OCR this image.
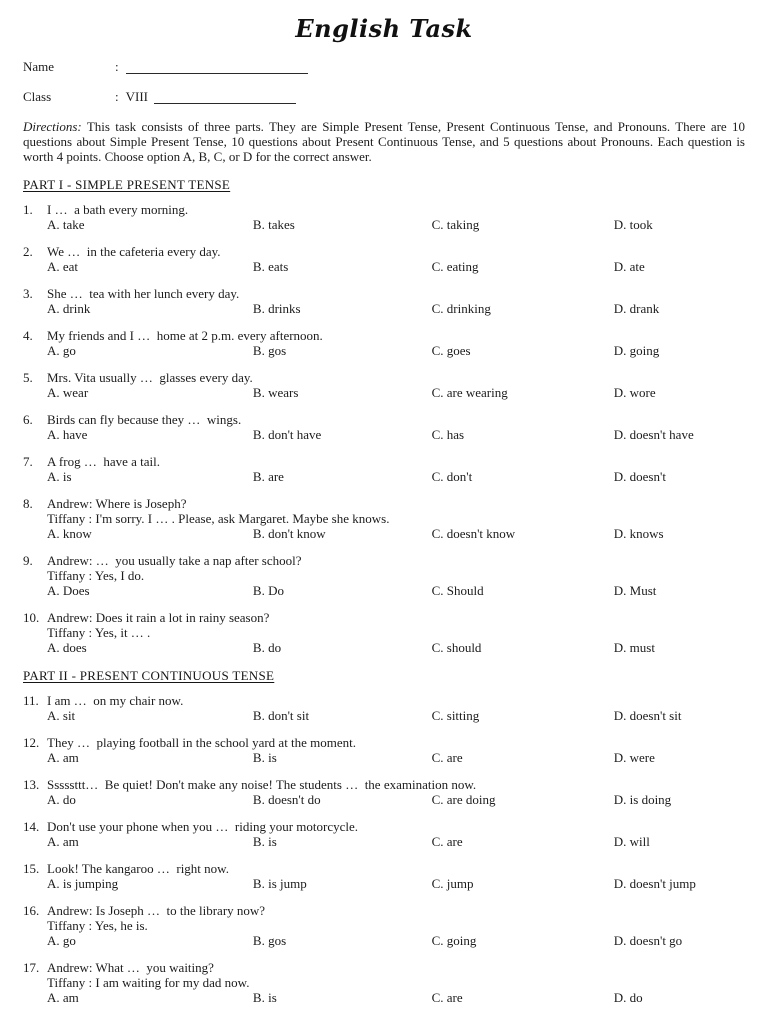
English Task
Name	:
Class	: VIII
Directions: This task consists of three parts. They are Simple Present Tense, Present Continuous Tense, and Pronouns. There are 10 questions about Simple Present Tense, 10 questions about Present Continuous Tense, and 5 questions about Pronouns. Each question is worth 4 points. Choose option A, B, C, or D for the correct answer.
PART I - SIMPLE PRESENT TENSE
1.	I …  a bath every morning.
A. take	B. takes	C. taking	D. took
2.	We …  in the cafeteria every day.
A. eat	B. eats	C. eating	D. ate
3.	She …  tea with her lunch every day.
A. drink	B. drinks	C. drinking	D. drank
4.	My friends and I …  home at 2 p.m. every afternoon.
A. go	B. gos	C. goes	D. going
5.	Mrs. Vita usually …  glasses every day.
A. wear	B. wears	C. are wearing	D. wore
6.	Birds can fly because they …  wings.
A. have	B. don't have	C. has	D. doesn't have
7.	A frog …  have a tail.
A. is	B. are	C. don't	D. doesn't
8.	Andrew: Where is Joseph?
Tiffany : I'm sorry. I … . Please, ask Margaret. Maybe she knows.
A. know	B. don't know	C. doesn't know	D. knows
9.	Andrew: …  you usually take a nap after school?
Tiffany : Yes, I do.
A. Does	B. Do	C. Should	D. Must
10. Andrew: Does it rain a lot in rainy season?
Tiffany : Yes, it … .
A. does	B. do	C. should	D. must
PART II - PRESENT CONTINUOUS TENSE
11. I am …  on my chair now.
A. sit	B. don't sit	C. sitting	D. doesn't sit
12. They …  playing football in the school yard at the moment.
A. am	B. is	C. are	D. were
13. Sssssttt…  Be quiet! Don't make any noise! The students …  the examination now.
A. do	B. doesn't do	C. are doing	D. is doing
14. Don't use your phone when you …  riding your motorcycle.
A. am	B. is	C. are	D. will
15. Look! The kangaroo …  right now.
A. is jumping	B. is jump	C. jump	D. doesn't jump
16. Andrew: Is Joseph …  to the library now?
Tiffany : Yes, he is.
A. go	B. gos	C. going	D. doesn't go
17. Andrew: What …  you waiting?
Tiffany : I am waiting for my dad now.
A. am	B. is	C. are	D. do
